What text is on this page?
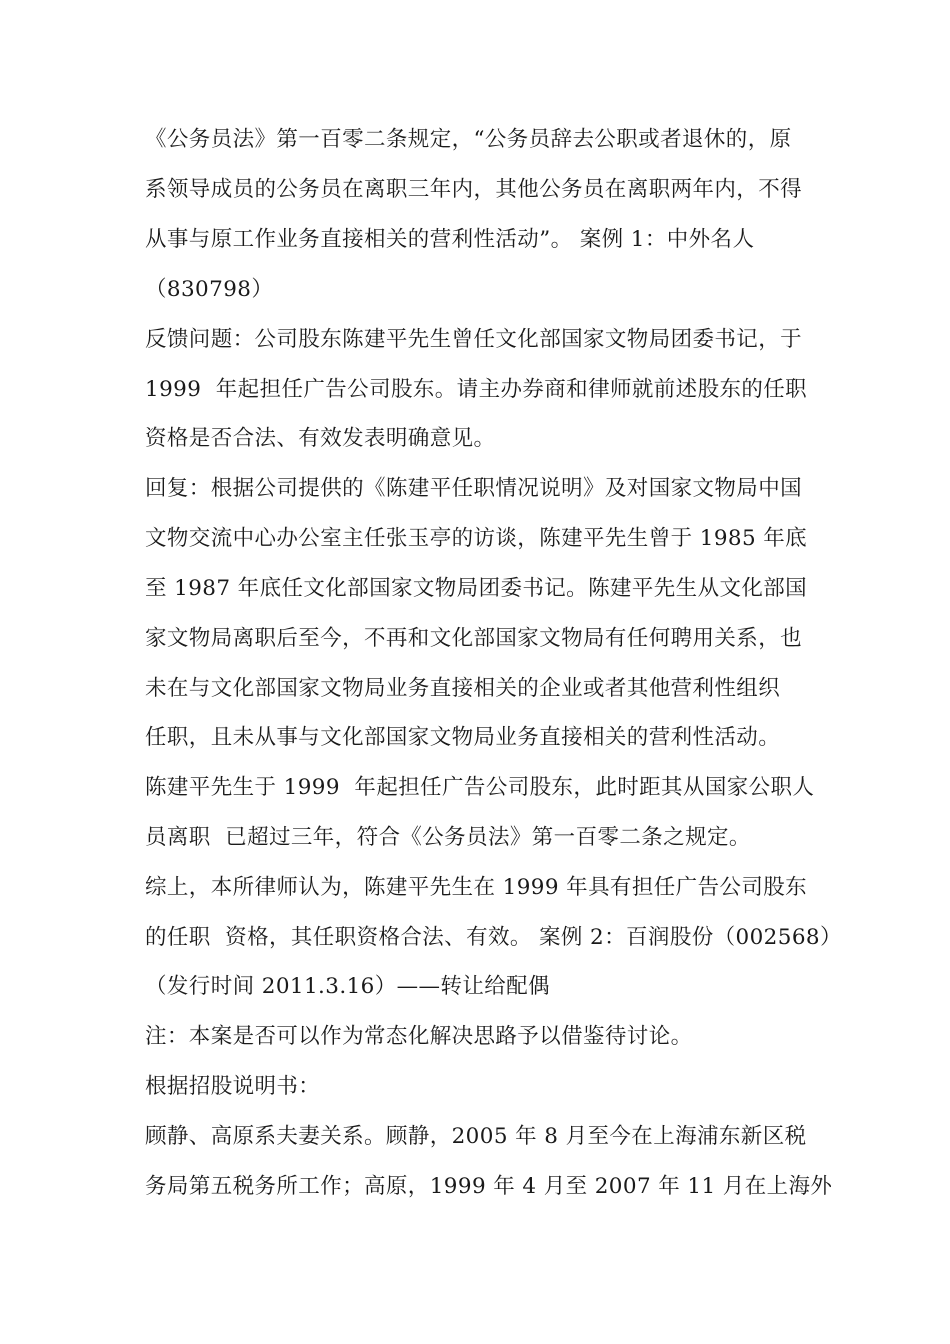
《公务员法》第一百零二条规定，“公务员辞去公职或者退休的，原
系领导成员的公务员在离职三年内，其他公务员在离职两年内，不得
从事与原工作业务直接相关的营利性活动”。 案例 1：中外名人
（830798）
反馈问题：公司股东陈建平先生曾任文化部国家文物局团委书记，于
1999  年起担任广告公司股东。请主办券商和律师就前述股东的任职
资格是否合法、有效发表明确意见。
回复：根据公司提供的《陈建平任职情况说明》及对国家文物局中国
文物交流中心办公室主任张玉亭的访谈，陈建平先生曾于 1985 年底
至 1987 年底任文化部国家文物局团委书记。陈建平先生从文化部国
家文物局离职后至今，不再和文化部国家文物局有任何聘用关系，也
未在与文化部国家文物局业务直接相关的企业或者其他营利性组织
任职，且未从事与文化部国家文物局业务直接相关的营利性活动。
陈建平先生于 1999  年起担任广告公司股东，此时距其从国家公职人
员离职  已超过三年，符合《公务员法》第一百零二条之规定。
综上，本所律师认为，陈建平先生在 1999 年具有担任广告公司股东
的任职  资格，其任职资格合法、有效。 案例 2：百润股份（002568）
（发行时间 2011.3.16）——转让给配偶
注：本案是否可以作为常态化解决思路予以借鉴待讨论。
根据招股说明书：
顾静、高原系夫妻关系。顾静，2005 年 8 月至今在上海浦东新区税
务局第五税务所工作；高原，1999 年 4 月至 2007 年 11 月在上海外
